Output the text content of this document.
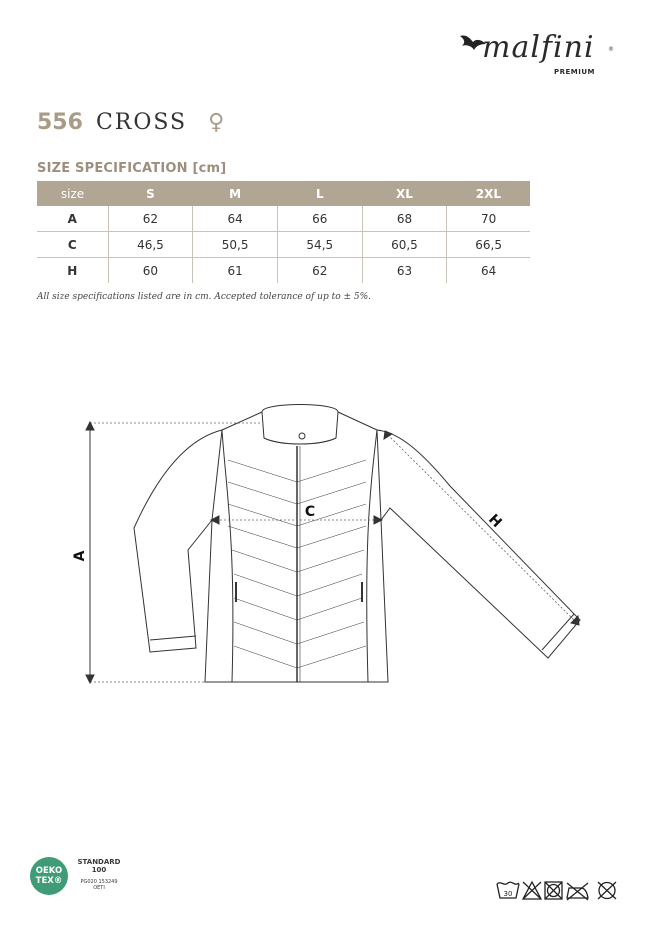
malfini ®
PREMIUM
556 CROSS ♀
SIZE SPECIFICATION [cm]
size	S	M	L	XL	2XL
A	62	64	66	68	70
C	46,5	50,5	54,5	60,5	66,5
H	60	61	62	63	64
All size specifications listed are in cm. Accepted tolerance of up to ± 5%.
A
C	H
OEKO
TEX®
STANDARD
100
PG020 153249
OETI
30
